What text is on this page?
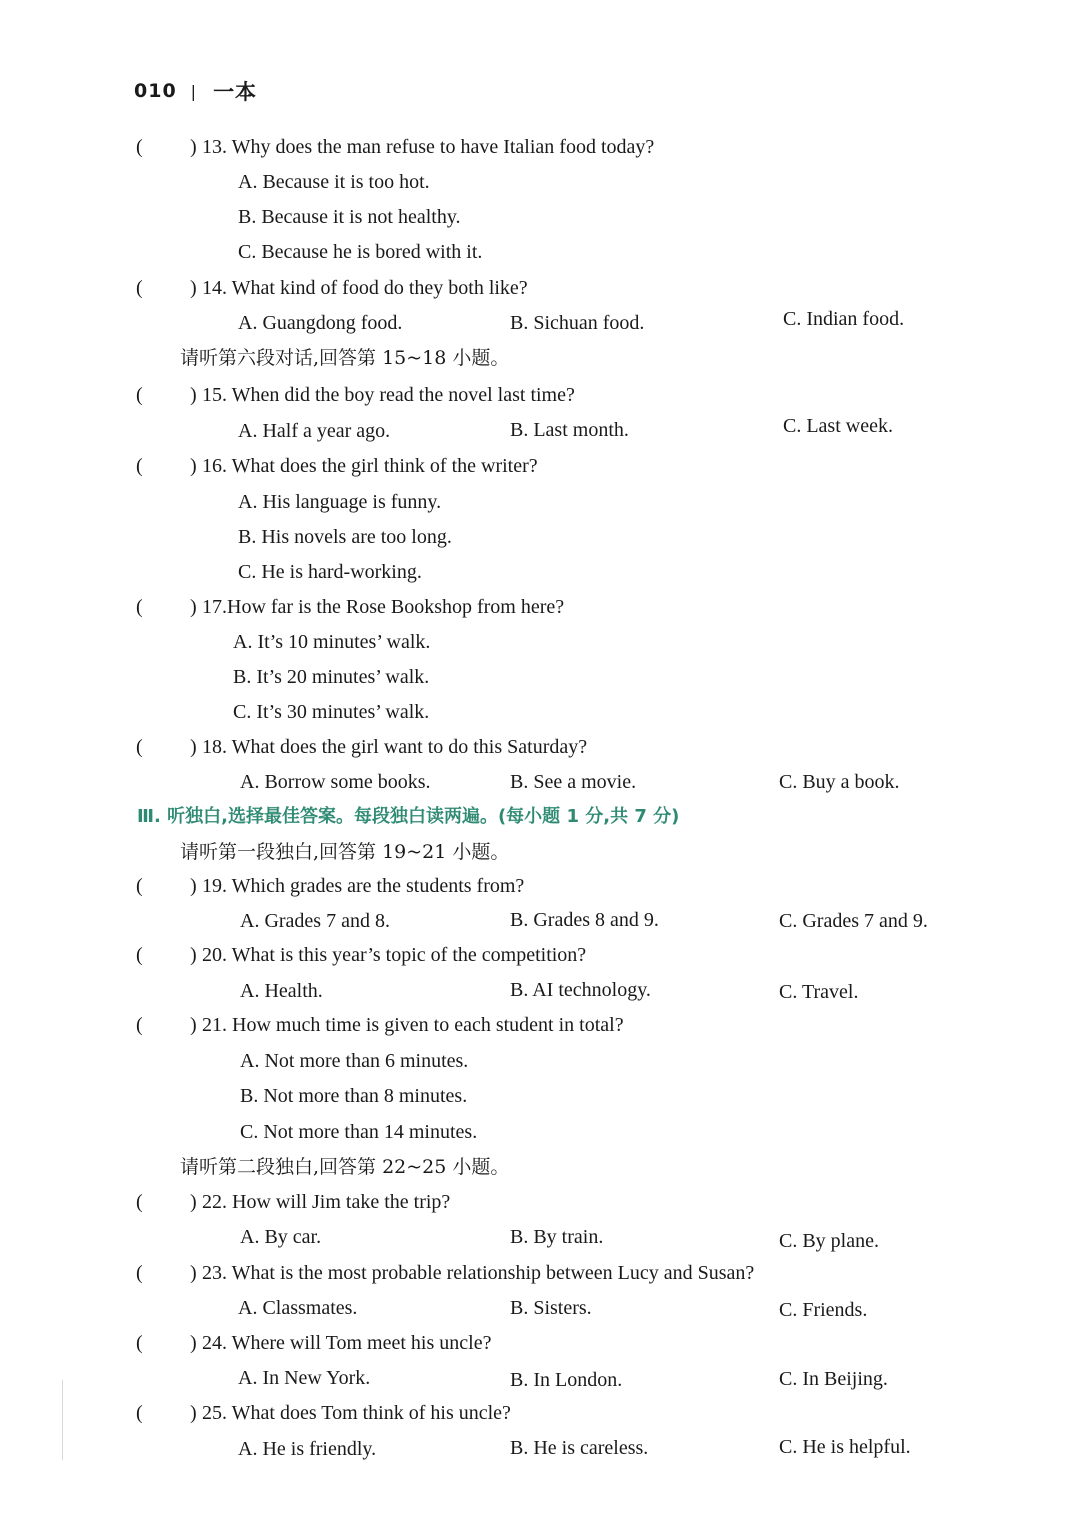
010 | 一本
( ) 13. Why does the man refuse to have Italian food today?
A. Because it is too hot.
B. Because it is not healthy.
C. Because he is bored with it.
( ) 14. What kind of food do they both like?
A. Guangdong food.	B. Sichuan food.	C. Indian food.
请听第六段对话,回答第 15~18 小题。
( ) 15. When did the boy read the novel last time?
A. Half a year ago.	B. Last month.	C. Last week.
( ) 16. What does the girl think of the writer?
A. His language is funny.
B. His novels are too long.
C. He is hard-working.
( ) 17.How far is the Rose Bookshop from here?
A. It’s 10 minutes’ walk.
B. It’s 20 minutes’ walk.
C. It’s 30 minutes’ walk.
( ) 18. What does the girl want to do this Saturday?
A. Borrow some books.	B. See a movie.	C. Buy a book.
Ⅲ. 听独白,选择最佳答案。每段独白读两遍。(每小题 1 分,共 7 分)
请听第一段独白,回答第 19~21 小题。
( ) 19. Which grades are the students from?
A. Grades 7 and 8.	B. Grades 8 and 9.	C. Grades 7 and 9.
( ) 20. What is this year’s topic of the competition?
A. Health.	B. AI technology.	C. Travel.
( ) 21. How much time is given to each student in total?
A. Not more than 6 minutes.
B. Not more than 8 minutes.
C. Not more than 14 minutes.
请听第二段独白,回答第 22~25 小题。
( ) 22. How will Jim take the trip?
A. By car.	B. By train.	C. By plane.
( ) 23. What is the most probable relationship between Lucy and Susan?
A. Classmates.	B. Sisters.	C. Friends.
( ) 24. Where will Tom meet his uncle?
A. In New York.	B. In London.	C. In Beijing.
( ) 25. What does Tom think of his uncle?
A. He is friendly.	B. He is careless.	C. He is helpful.
